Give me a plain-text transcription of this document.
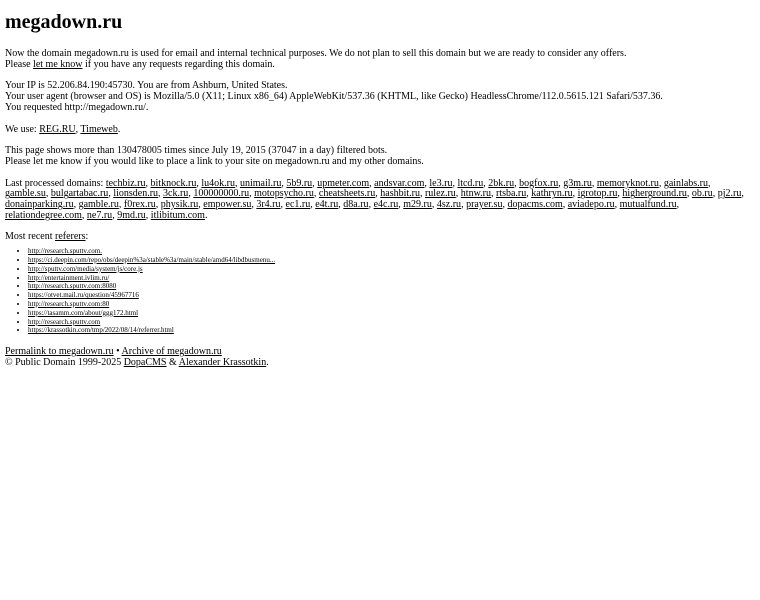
megadown.ru

Now the domain megadown.ru is used for email and internal technical purposes. We do not plan to sell this domain but we are ready to consider any offers.
Please let me know if you have any requests regarding this domain.

Your IP is 52.206.84.190:45730. You are from Ashburn, United States.
Your user agent (browser and OS) is Mozilla/5.0 (X11; Linux x86_64) AppleWebKit/537.36 (KHTML, like Gecko) HeadlessChrome/112.0.5615.121 Safari/537.36.
You requested http://megadown.ru/.

We use: REG.RU, Timeweb.

This page shows more than 130478005 times since July 19, 2015 (37047 in a day) filtered bots.
Please let me know if you would like to place a link to your site on megadown.ru and my other domains.

Last processed domains: techbiz.ru, bitknock.ru, lu4ok.ru, unimail.ru, 5b9.ru, upmeter.com, andsvar.com, le3.ru, ltcd.ru, 2bk.ru, bogfox.ru, g3m.ru, memoryknot.ru, gainlabs.ru, gamble.su, bulgartabac.ru, lionsden.ru, 3ck.ru, 100000000.ru, motopsycho.ru, cheatsheets.ru, hashbit.ru, rulez.ru, htnw.ru, rtsba.ru, kathryn.ru, igrotop.ru, higherground.ru, ob.ru, pj2.ru, donainparking.ru, gamble.ru, f0rex.ru, physik.ru, empower.su, 3r4.ru, ec1.ru, e4t.ru, d8a.ru, e4c.ru, m29.ru, 4sz.ru, prayer.su, dopacms.com, aviadepo.ru, mutualfund.ru, relationdegree.com, ne7.ru, 9md.ru, itlibitum.com.

Most recent referers:
• http://research.sputtv.com.
• https://ci.deepin.com/repo/obs/deepin%3a/stable%3a/main/stable/amd64/libdbusmenu...
• http://sputtv.com/media/system/js/core.js
• http://entertainment.ivlim.ru/
• http://research.sputtv.com:8080
• https://otvet.mail.ru/question/45967716
• http://research.sputtv.com:80
• https://tasamm.com/about/ggg172.html
• http://research.sputtv.com
• https://krassotkin.com/tmp/2022/08/14/referrer.html

Permalink to megadown.ru • Archive of megadown.ru
© Public Domain 1999-2025 DopaCMS & Alexander Krassotkin.
